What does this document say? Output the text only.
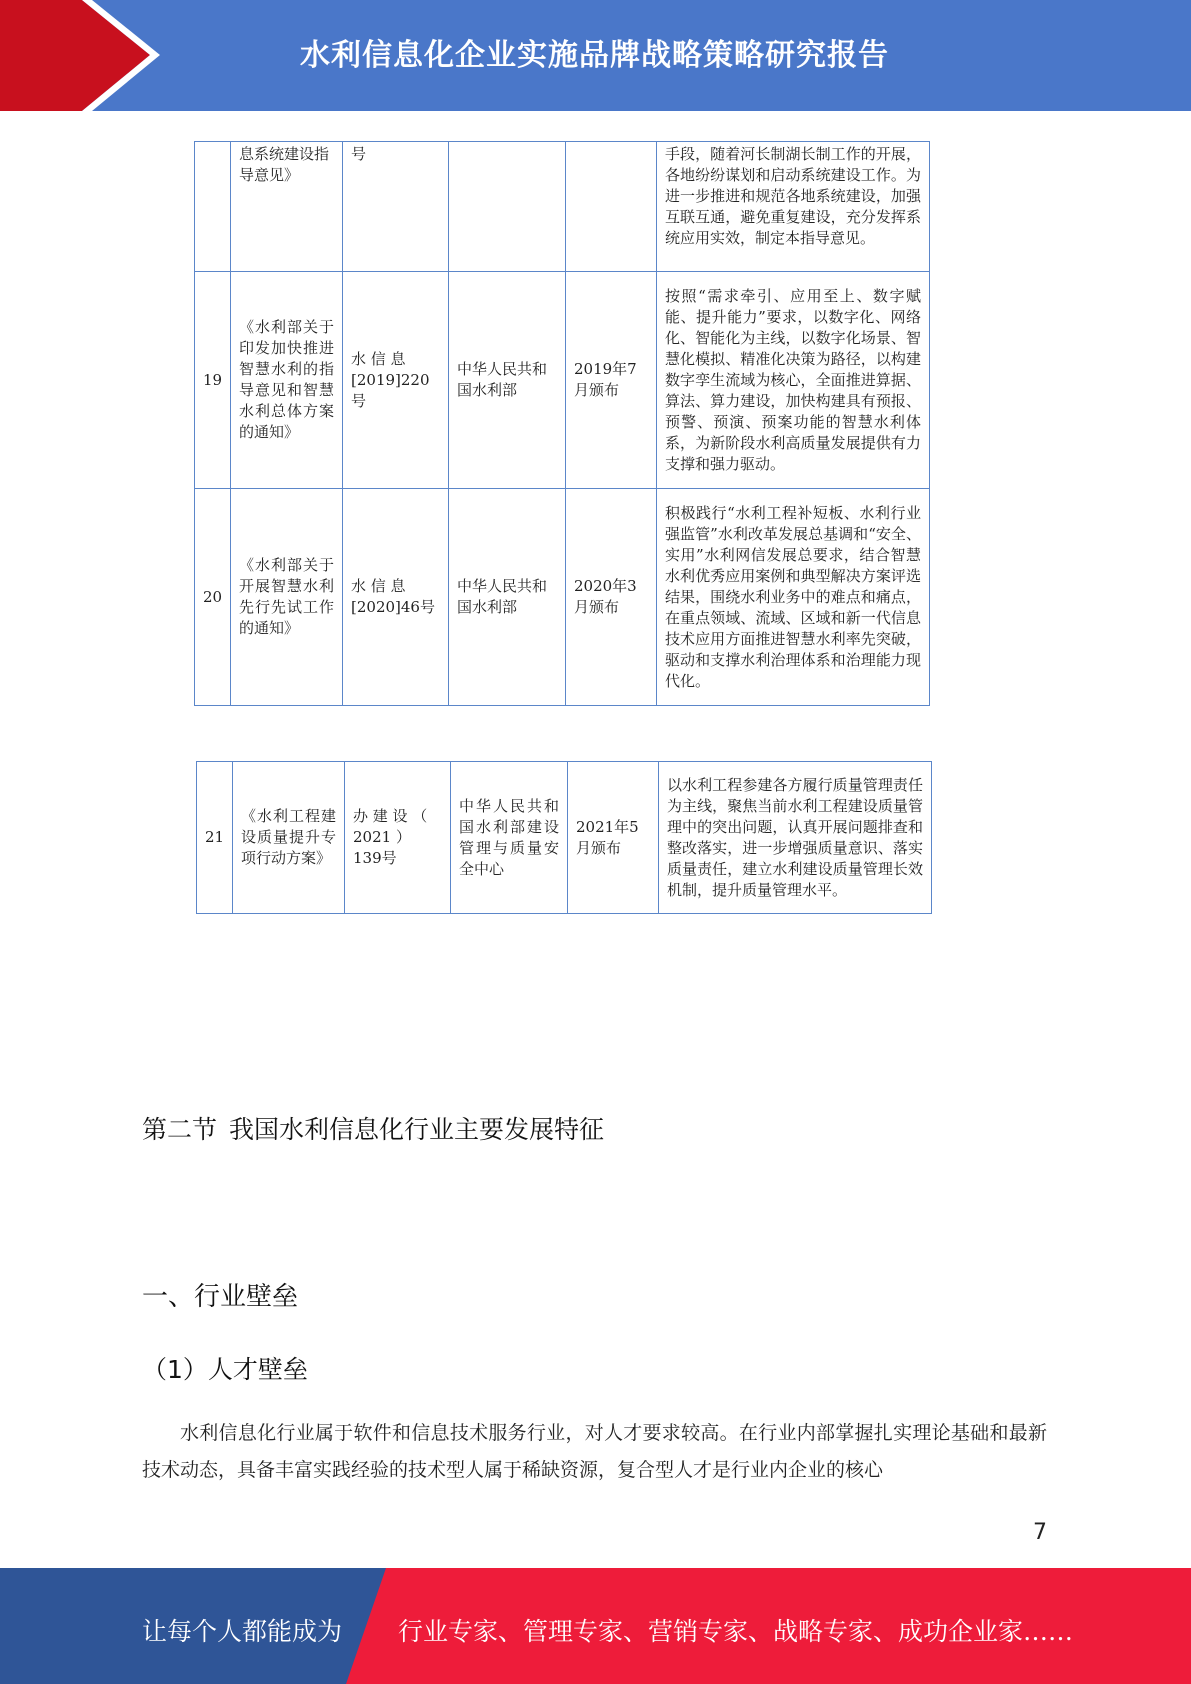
水利信息化企业实施品牌战略策略研究报告
	息系统建设指导意见》	号			手段，随着河长制湖长制工作的开展，各地纷纷谋划和启动系统建设工作。为进一步推进和规范各地系统建设，加强互联互通，避免重复建设，充分发挥系统应用实效，制定本指导意见。
19	《水利部关于印发加快推进智慧水利的指导意见和智慧水利总体方案的通知》	水 信 息 [2019]220号	中华人民共和国水利部	2019年7月颁布	按照“需求牵引、应用至上、数字赋能、提升能力”要求，以数字化、网络化、智能化为主线，以数字化场景、智慧化模拟、精准化决策为路径，以构建数字孪生流域为核心，全面推进算据、算法、算力建设，加快构建具有预报、预警、预演、预案功能的智慧水利体系，为新阶段水利高质量发展提供有力支撑和强力驱动。
20	《水利部关于开展智慧水利先行先试工作的通知》	水 信 息 [2020]46号	中华人民共和国水利部	2020年3月颁布	积极践行“水利工程补短板、水利行业强监管”水利改革发展总基调和“安全、实用”水利网信发展总要求，结合智慧水利优秀应用案例和典型解决方案评选结果，围绕水利业务中的难点和痛点，在重点领域、流域、区域和新一代信息技术应用方面推进智慧水利率先突破，驱动和支撑水利治理体系和治理能力现代化。
21	《水利工程建设质量提升专项行动方案》	办 建 设 （ 2021 ） 139号	中华人民共和国水利部建设管理与质量安全中心	2021年5月颁布	以水利工程参建各方履行质量管理责任为主线，聚焦当前水利工程建设质量管理中的突出问题，认真开展问题排查和整改落实，进一步增强质量意识、落实质量责任，建立水利建设质量管理长效机制，提升质量管理水平。
第二节 我国水利信息化行业主要发展特征
一、行业壁垒
（1）人才壁垒

水利信息化行业属于软件和信息技术服务行业，对人才要求较高。在行业内部掌握扎实理论基础和最新技术动态，具备丰富实践经验的技术型人属于稀缺资源，复合型人才是行业内企业的核心

7
让每个人都能成为 行业专家、管理专家、营销专家、战略专家、成功企业家……
